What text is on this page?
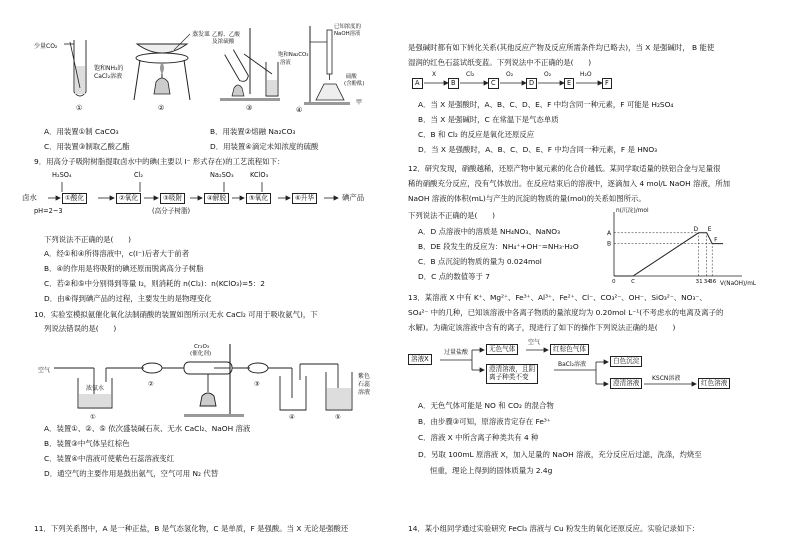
少量CO₂
饱和NH₃的
CaCl₂溶液
①
蒸发皿
②
乙醇、乙酸
及浓硫酸
饱和Na₂CO₃
溶液
③
已知浓度的
NaOH溶液
硫酸
(含酚酞)
甲
④
A．用装置①制 CaCO₃	B．用装置②熔融 Na₂CO₃
C．用装置③制取乙酸乙酯	D．用装置④滴定未知浓度的硫酸
9．用高分子吸附树脂提取卤水中的碘(主要以 I⁻ 形式存在)的工艺流程如下：
H₂SO₄	Cl₂	Na₂SO₃ KClO₃
卤水
pH=2~3
①酸化	②氧化	③吸附	④解脱	⑤氧化	⑥升华	碘产品
(高分子树脂)
下列说法不正确的是(　　)
A．经①和④所得溶液中，c(I⁻)后者大于前者
B．④的作用是将吸附的碘还原而脱离高分子树脂
C．若②和⑤中分别得到等量 I₂，则消耗的 n(Cl₂)：n(KClO₃)=5：2
D．由⑥得到碘产品的过程，主要发生的是物理变化
10．实验室模拟氨催化氧化法制硝酸的装置如图所示(无水 CaCl₂ 可用于吸收氨气)，下
列说法错误的是(　　)
空气
浓氨水
Cr₂O₃
(催化剂)
紫色
石蕊
溶液
①
②	③
④	⑤
A．装置①、②、⑤ 依次盛装碱石灰、无水 CaCl₂、NaOH 溶液
B．装置③中气体呈红棕色
C．装置④中溶液可使紫色石蕊溶液变红
D．通空气的主要作用是鼓出氨气，空气可用 N₂ 代替
11．下列关系图中，A 是一种正盐，B 是气态氢化物，C 是单质，F 是强酸。当 X 无论是强酸还
是强碱时都有如下转化关系(其他反应产物及反应所需条件均已略去)，当 X 是强碱时， B 能使
湿润的红色石蕊试纸变蓝。下列说法中不正确的是(　　)
A
X
B
Cl₂
C
O₂
D
O₂
E
H₂O
F
A．当 X 是强酸时，A、B、C、D、E、F 中均含同一种元素，F 可能是 H₂SO₄
B．当 X 是强碱时，C 在常温下是气态单质
C．B 和 Cl₂ 的反应是氧化还原反应
D．当 X 是强酸时，A、B、C、D、E、F 中均含同一种元素，F 是 HNO₃
12．研究发现，硝酸越稀，还原产物中氮元素的化合价越低。某同学取适量的铁铝合金与足量很
稀的硝酸充分反应，没有气体放出。在反应结束后的溶液中，逐滴加入 4 mol/L NaOH 溶液，所加
NaOH 溶液的体积(mL)与产生的沉淀的物质的量(mol)的关系如图所示。
下列说法不正确的是(　　)
A．D 点溶液中的溶质是 NH₄NO₃、NaNO₃
B．DE 段发生的反应为：NH₄⁺+OH⁻=NH₃·H₂O
C．B 点沉淀的物质的量为 0.024mol
D．C 点的数值等于 7
n(沉淀)/mol
V(NaOH)/mL
B
A
0	C	31 34
36
D E
F
13．某溶液 X 中有 K⁺、Mg²⁺、Fe³⁺、Al³⁺、Fe²⁺、Cl⁻、CO₃²⁻、OH⁻、SiO₃²⁻、NO₃⁻、
SO₄²⁻ 中的几种，已知该溶液中各离子物质的量浓度均为 0.20mol L⁻¹(不考虑水的电离及离子的
水解)。为确定该溶液中含有的离子，现进行了如下的操作下列说法正确的是(　　)
溶液X
过量盐酸	无色气体
空气
红棕色气体
澄清溶液，且阴
离子种类不变
BaCl₂溶液	白色沉淀
澄清溶液
KSCN溶液
红色溶液
A．无色气体可能是 NO 和 CO₂ 的混合物
B．由步骤③可知，原溶液肯定存在 Fe³⁺
C．溶液 X 中所含离子种类共有 4 种
D．另取 100mL 原溶液 X，加入足量的 NaOH 溶液，充分反应后过滤，洗涤，灼烧至
恒重，理论上得到的固体质量为 2.4g
14．某小组同学通过实验研究 FeCl₃ 溶液与 Cu 粉发生的氧化还原反应。实验记录如下：
